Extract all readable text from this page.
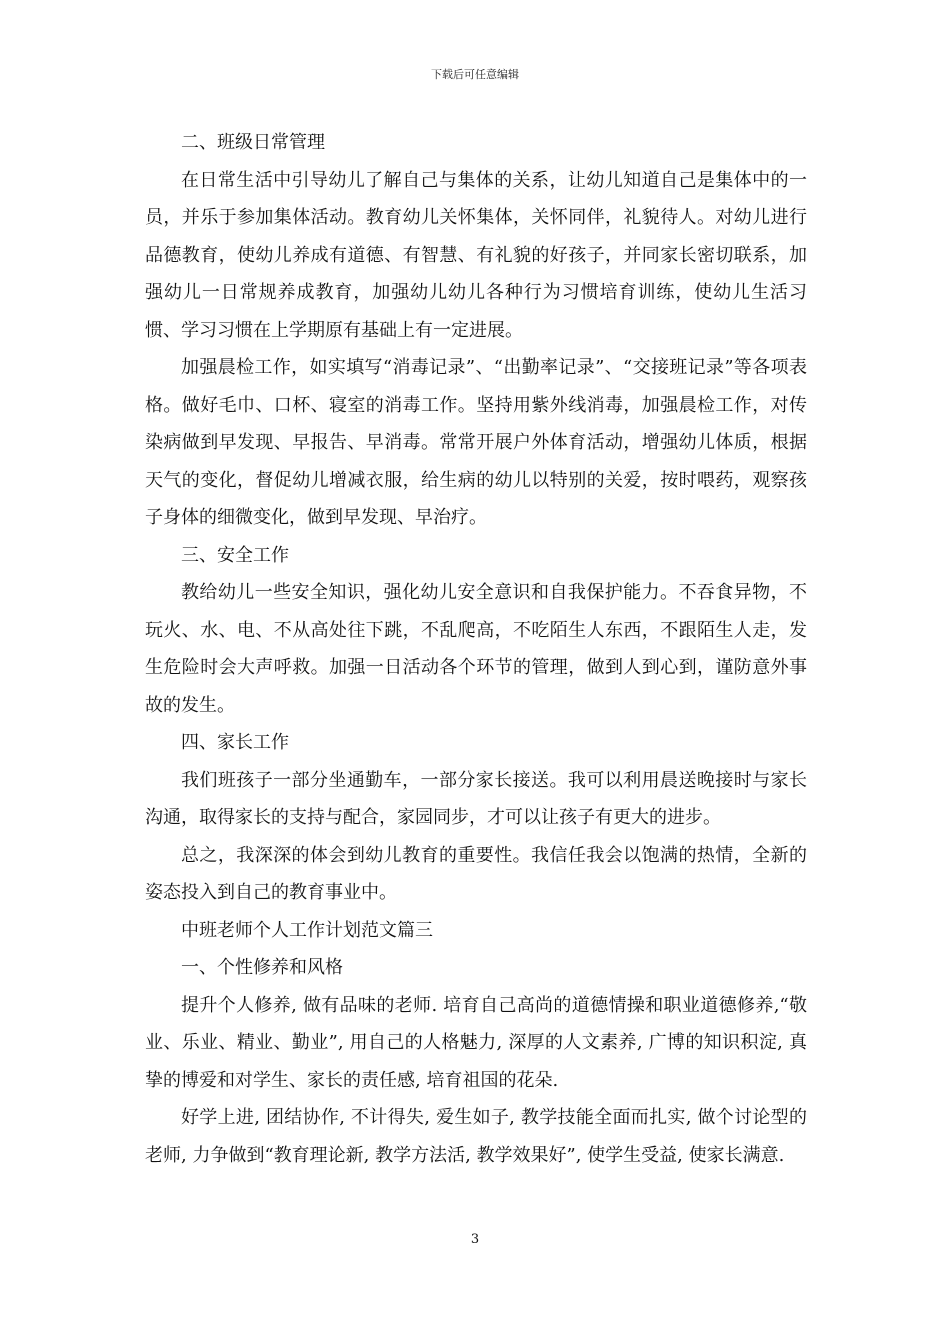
下载后可任意编辑

二、班级日常管理

在日常生活中引导幼儿了解自己与集体的关系，让幼儿知道自己是集体中的一员，并乐于参加集体活动。教育幼儿关怀集体，关怀同伴，礼貌待人。对幼儿进行品德教育，使幼儿养成有道德、有智慧、有礼貌的好孩子，并同家长密切联系，加强幼儿一日常规养成教育，加强幼儿幼儿各种行为习惯培育训练，使幼儿生活习惯、学习习惯在上学期原有基础上有一定进展。

加强晨检工作，如实填写“消毒记录”、“出勤率记录”、“交接班记录”等各项表格。做好毛巾、口杯、寝室的消毒工作。坚持用紫外线消毒，加强晨检工作，对传染病做到早发现、早报告、早消毒。常常开展户外体育活动，增强幼儿体质，根据天气的变化，督促幼儿增减衣服，给生病的幼儿以特别的关爱，按时喂药，观察孩子身体的细微变化，做到早发现、早治疗。

三、安全工作

教给幼儿一些安全知识，强化幼儿安全意识和自我保护能力。不吞食异物，不玩火、水、电、不从高处往下跳，不乱爬高，不吃陌生人东西，不跟陌生人走，发生危险时会大声呼救。加强一日活动各个环节的管理，做到人到心到，谨防意外事故的发生。

四、家长工作

我们班孩子一部分坐通勤车，一部分家长接送。我可以利用晨送晚接时与家长沟通，取得家长的支持与配合，家园同步，才可以让孩子有更大的进步。

总之，我深深的体会到幼儿教育的重要性。我信任我会以饱满的热情，全新的姿态投入到自己的教育事业中。

中班老师个人工作计划范文篇三

一、个性修养和风格

提升个人修养, 做有品味的老师. 培育自己高尚的道德情操和职业道德修养,“敬业、乐业、精业、勤业”, 用自己的人格魅力, 深厚的人文素养, 广博的知识积淀, 真挚的博爱和对学生、家长的责任感, 培育祖国的花朵.

好学上进, 团结协作, 不计得失, 爱生如子, 教学技能全面而扎实, 做个讨论型的老师, 力争做到“教育理论新, 教学方法活, 教学效果好”, 使学生受益, 使家长满意.

3
